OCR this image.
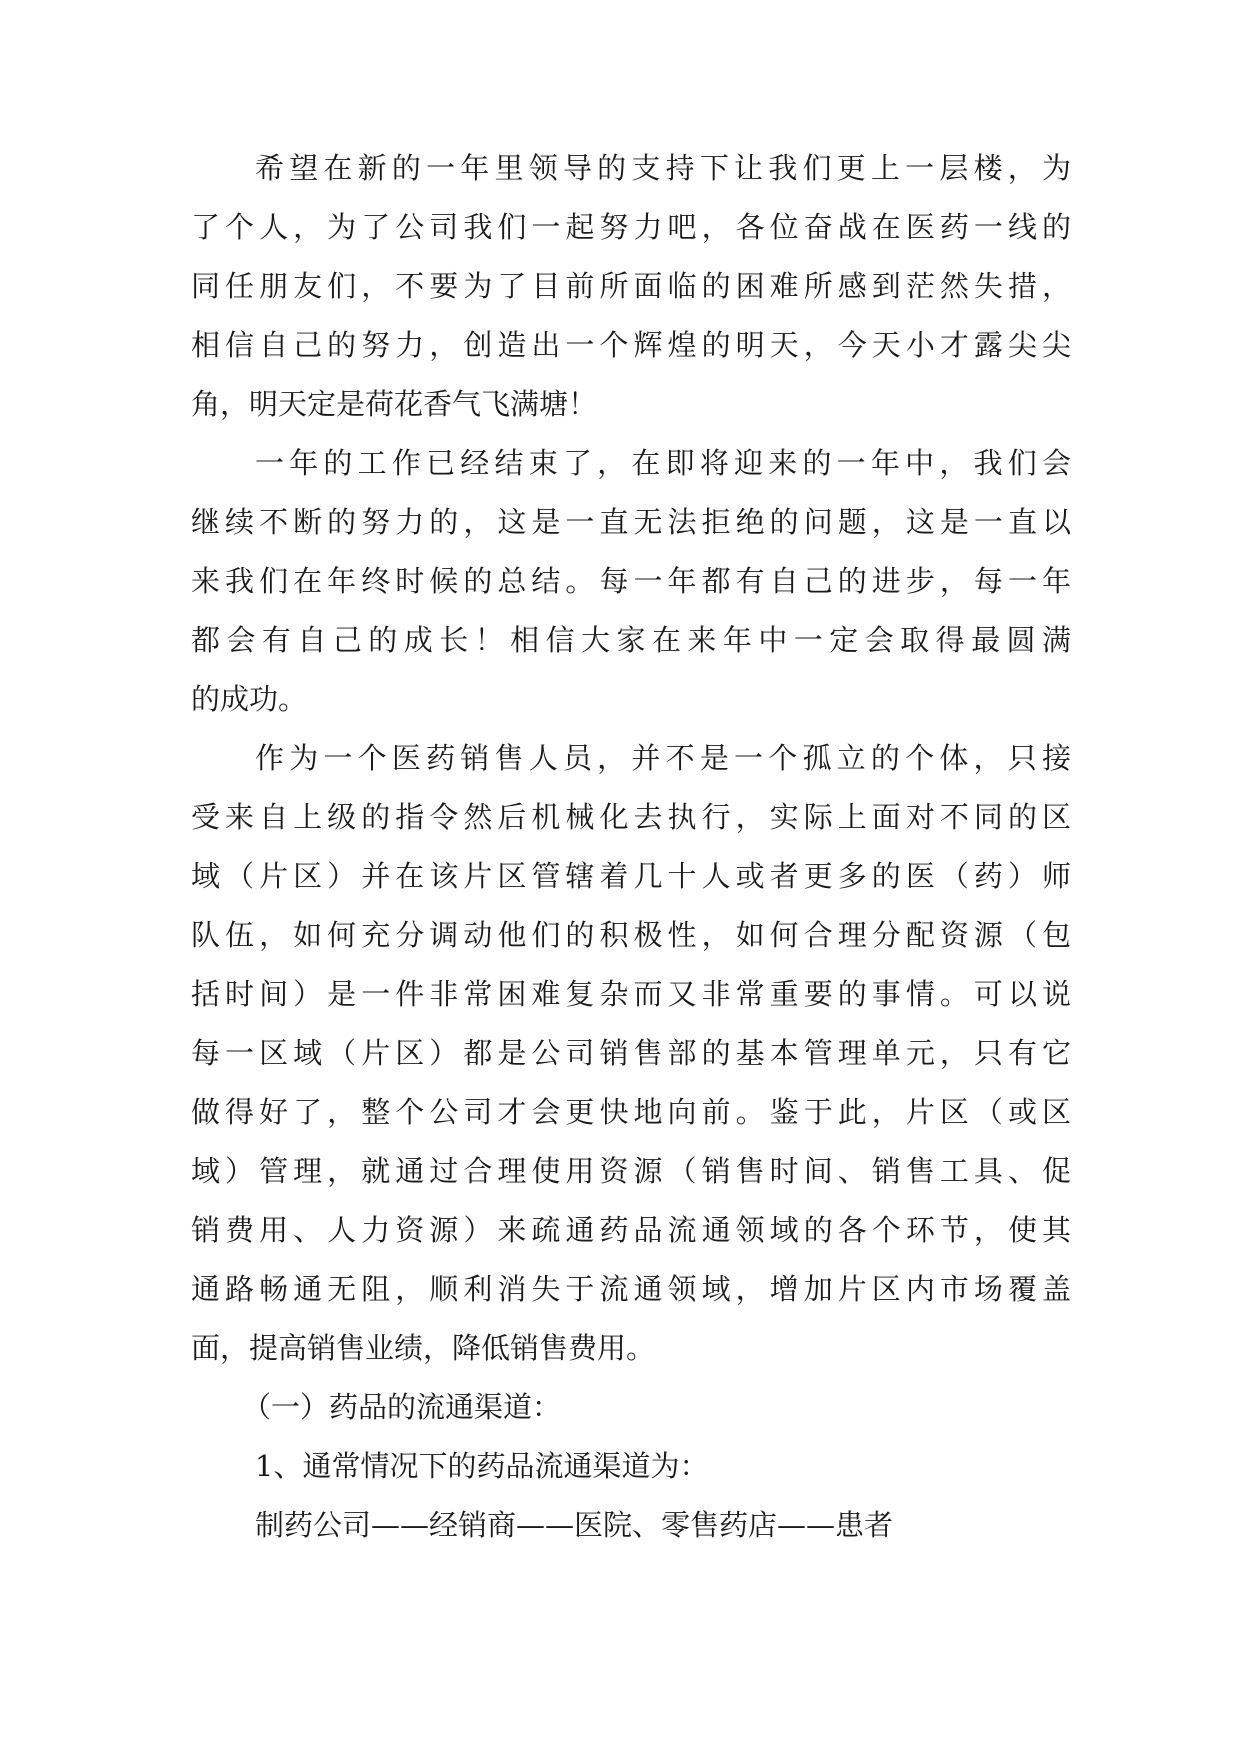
希望在新的一年里领导的支持下让我们更上一层楼，为
了个人，为了公司我们一起努力吧，各位奋战在医药一线的
同任朋友们，不要为了目前所面临的困难所感到茫然失措，
相信自己的努力，创造出一个辉煌的明天，今天小才露尖尖
角，明天定是荷花香气飞满塘！
一年的工作已经结束了，在即将迎来的一年中，我们会
继续不断的努力的，这是一直无法拒绝的问题，这是一直以
来我们在年终时候的总结。每一年都有自己的进步，每一年
都会有自己的成长！相信大家在来年中一定会取得最圆满
的成功。
作为一个医药销售人员，并不是一个孤立的个体，只接
受来自上级的指令然后机械化去执行，实际上面对不同的区
域（片区）并在该片区管辖着几十人或者更多的医（药）师
队伍，如何充分调动他们的积极性，如何合理分配资源（包
括时间）是一件非常困难复杂而又非常重要的事情。可以说
每一区域（片区）都是公司销售部的基本管理单元，只有它
做得好了，整个公司才会更快地向前。鉴于此，片区（或区
域）管理，就通过合理使用资源（销售时间、销售工具、促
销费用、人力资源）来疏通药品流通领域的各个环节，使其
通路畅通无阻，顺利消失于流通领域，增加片区内市场覆盖
面，提高销售业绩，降低销售费用。
（一）药品的流通渠道：
1、通常情况下的药品流通渠道为：
制药公司——经销商——医院、零售药店——患者
